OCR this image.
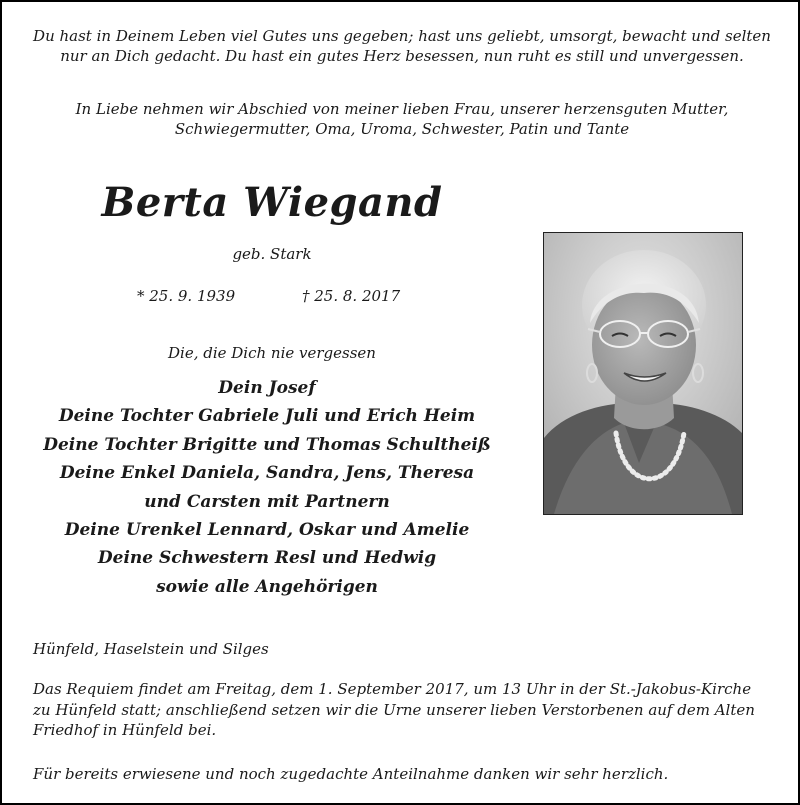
Du hast in Deinem Leben viel Gutes uns gegeben; hast uns geliebt, umsorgt, bewacht und selten
nur an Dich gedacht. Du hast ein gutes Herz besessen, nun ruht es still und unvergessen.
In Liebe nehmen wir Abschied von meiner lieben Frau, unserer herzensguten Mutter,
Schwiegermutter, Oma, Uroma, Schwester, Patin und Tante
Berta Wiegand
geb. Stark
* 25. 9. 1939	† 25. 8. 2017
Die, die Dich nie vergessen
Dein Josef
Deine Tochter Gabriele Juli und Erich Heim
Deine Tochter Brigitte und Thomas Schultheiß
Deine Enkel Daniela, Sandra, Jens, Theresa
und Carsten mit Partnern
Deine Urenkel Lennard, Oskar und Amelie
Deine Schwestern Resl und Hedwig
sowie alle Angehörigen
Hünfeld, Haselstein und Silges
Das Requiem findet am Freitag, dem 1. September 2017, um 13 Uhr in der St.-Jakobus-Kirche
zu Hünfeld statt; anschließend setzen wir die Urne unserer lieben Verstorbenen auf dem Alten
Friedhof in Hünfeld bei.
Für bereits erwiesene und noch zugedachte Anteilnahme danken wir sehr herzlich.
